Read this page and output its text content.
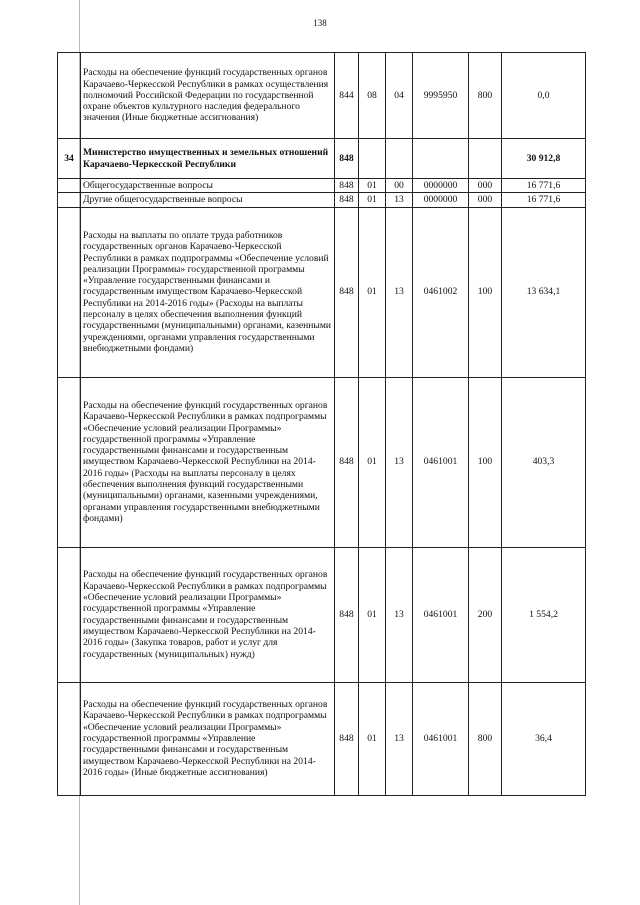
138
	Расходы на обеспечение функций государственных органов Карачаево-Черкесской Республики в рамках осуществления полномочий Российской Федерации по государственной охране объектов культурного наследия федерального значения (Иные бюджетные ассигнования)	844	08	04	9995950	800	0,0
34	Министерство имущественных и земельных отношений Карачаево-Черкесской Республики	848					30 912,8
	Общегосударственные вопросы	848	01	00	0000000	000	16 771,6
	Другие общегосударственные вопросы	848	01	13	0000000	000	16 771,6
	Расходы на выплаты по оплате труда работников государственных органов Карачаево-Черкесской Республики в рамках подпрограммы «Обеспечение условий реализации Программы» государственной программы «Управление государственными финансами и государственным имуществом Карачаево-Черкесской Республики на 2014-2016 годы» (Расходы на выплаты персоналу в целях обеспечения выполнения функций государственными (муниципальными) органами, казенными учреждениями, органами управления государственными внебюджетными фондами)	848	01	13	0461002	100	13 634,1
	Расходы на обеспечение функций государственных органов Карачаево-Черкесской Республики в рамках подпрограммы «Обеспечение условий реализации Программы» государственной программы «Управление государственными финансами и государственным имуществом Карачаево-Черкесской Республики на 2014-2016 годы» (Расходы на выплаты персоналу в целях обеспечения выполнения функций государственными (муниципальными) органами, казенными учреждениями, органами управления государственными внебюджетными фондами)	848	01	13	0461001	100	403,3
	Расходы на обеспечение функций государственных органов Карачаево-Черкесской Республики в рамках подпрограммы «Обеспечение условий реализации Программы» государственной программы «Управление государственными финансами и государственным имуществом Карачаево-Черкесской Республики на 2014-2016 годы» (Закупка товаров, работ и услуг для государственных (муниципальных) нужд)	848	01	13	0461001	200	1 554,2
	Расходы на обеспечение функций государственных органов Карачаево-Черкесской Республики в рамках подпрограммы «Обеспечение условий реализации Программы» государственной программы «Управление государственными финансами и государственным имуществом Карачаево-Черкесской Республики на 2014-2016 годы» (Иные бюджетные ассигнования)	848	01	13	0461001	800	36,4
